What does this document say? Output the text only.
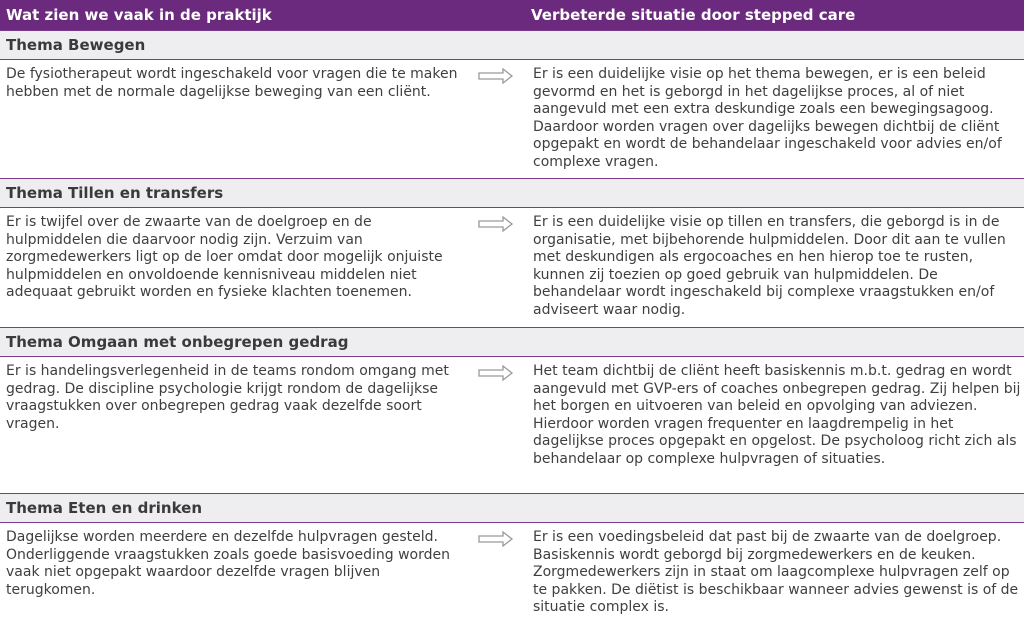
Wat zien we vaak in de praktijk	Verbeterde situatie door stepped care
Thema Bewegen
De fysiotherapeut wordt ingeschakeld voor vragen die te maken hebben met de normale dagelijkse beweging van een cliënt.
Er is een duidelijke visie op het thema bewegen, er is een beleid gevormd en het is geborgd in het dagelijkse proces, al of niet aangevuld met een extra deskundige zoals een bewegingsagoog. Daardoor worden vragen over dagelijks bewegen dichtbij de cliënt opgepakt en wordt de behandelaar ingeschakeld voor advies en/of complexe vragen.
Thema Tillen en transfers
Er is twijfel over de zwaarte van de doelgroep en de hulpmiddelen die daarvoor nodig zijn. Verzuim van zorgmedewerkers ligt op de loer omdat door mogelijk onjuiste hulpmiddelen en onvoldoende kennisniveau middelen niet adequaat gebruikt worden en fysieke klachten toenemen.
Er is een duidelijke visie op tillen en transfers, die geborgd is in de organisatie, met bijbehorende hulpmiddelen. Door dit aan te vullen met deskundigen als ergocoaches en hen hierop toe te rusten, kunnen zij toezien op goed gebruik van hulpmiddelen. De behandelaar wordt ingeschakeld bij complexe vraagstukken en/of adviseert waar nodig.
Thema Omgaan met onbegrepen gedrag
Er is handelingsverlegenheid in de teams rondom omgang met gedrag. De discipline psychologie krijgt rondom de dagelijkse vraagstukken over onbegrepen gedrag vaak dezelfde soort vragen.
Het team dichtbij de cliënt heeft basiskennis m.b.t. gedrag en wordt aangevuld met GVP-ers of coaches onbegrepen gedrag. Zij helpen bij het borgen en uitvoeren van beleid en opvolging van adviezen. Hierdoor worden vragen frequenter en laagdrempelig in het dagelijkse proces opgepakt en opgelost. De psycholoog richt zich als behandelaar op complexe hulpvragen of situaties.
Thema Eten en drinken
Dagelijkse worden meerdere en dezelfde hulpvragen gesteld. Onderliggende vraagstukken zoals goede basisvoeding worden vaak niet opgepakt waardoor dezelfde vragen blijven terugkomen.
Er is een voedingsbeleid dat past bij de zwaarte van de doelgroep. Basiskennis wordt geborgd bij zorgmedewerkers en de keuken. Zorgmedewerkers zijn in staat om laagcomplexe hulpvragen zelf op te pakken. De diëtist is beschikbaar wanneer advies gewenst is of de situatie complex is.
